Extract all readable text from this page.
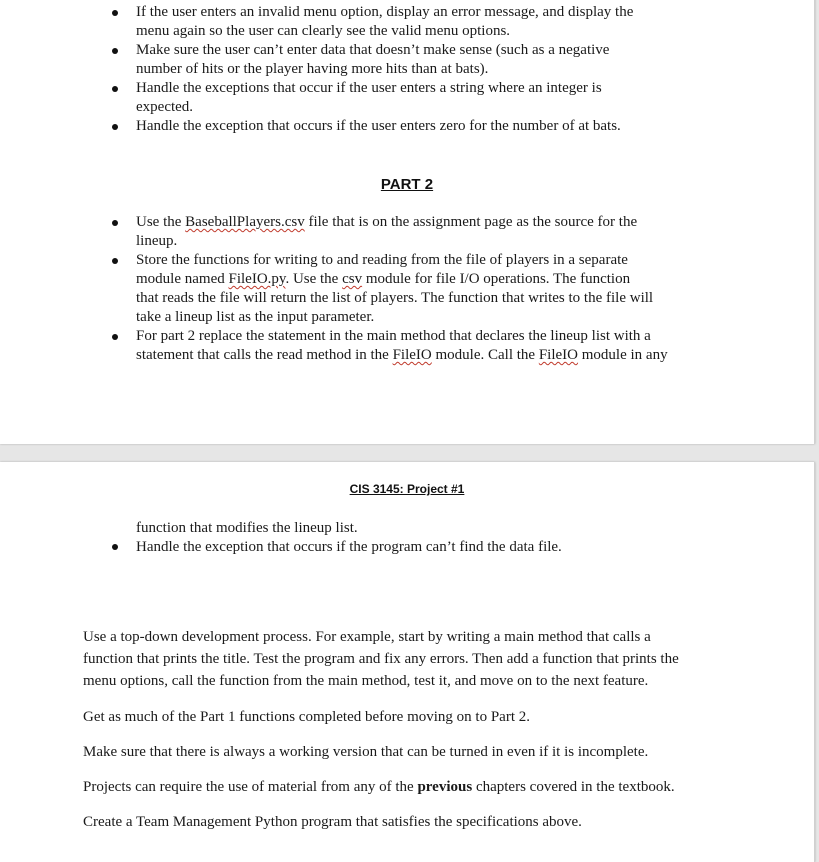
If the user enters an invalid menu option, display an error message, and display the
menu again so the user can clearly see the valid menu options.
Make sure the user can’t enter data that doesn’t make sense (such as a negative
number of hits or the player having more hits than at bats).
Handle the exceptions that occur if the user enters a string where an integer is
expected.
Handle the exception that occurs if the user enters zero for the number of at bats.
PART 2
Use the BaseballPlayers.csv file that is on the assignment page as the source for the
lineup.
Store the functions for writing to and reading from the file of players in a separate
module named FileIO.py. Use the csv module for file I/O operations. The function
that reads the file will return the list of players. The function that writes to the file will
take a lineup list as the input parameter.
For part 2 replace the statement in the main method that declares the lineup list with a
statement that calls the read method in the FileIO module. Call the FileIO module in any
CIS 3145: Project #1
function that modifies the lineup list.
Handle the exception that occurs if the program can’t find the data file.
Use a top-down development process. For example, start by writing a main method that calls a
function that prints the title. Test the program and fix any errors. Then add a function that prints the
menu options, call the function from the main method, test it, and move on to the next feature.
Get as much of the Part 1 functions completed before moving on to Part 2.
Make sure that there is always a working version that can be turned in even if it is incomplete.
Projects can require the use of material from any of the previous chapters covered in the textbook.
Create a Team Management Python program that satisfies the specifications above.
